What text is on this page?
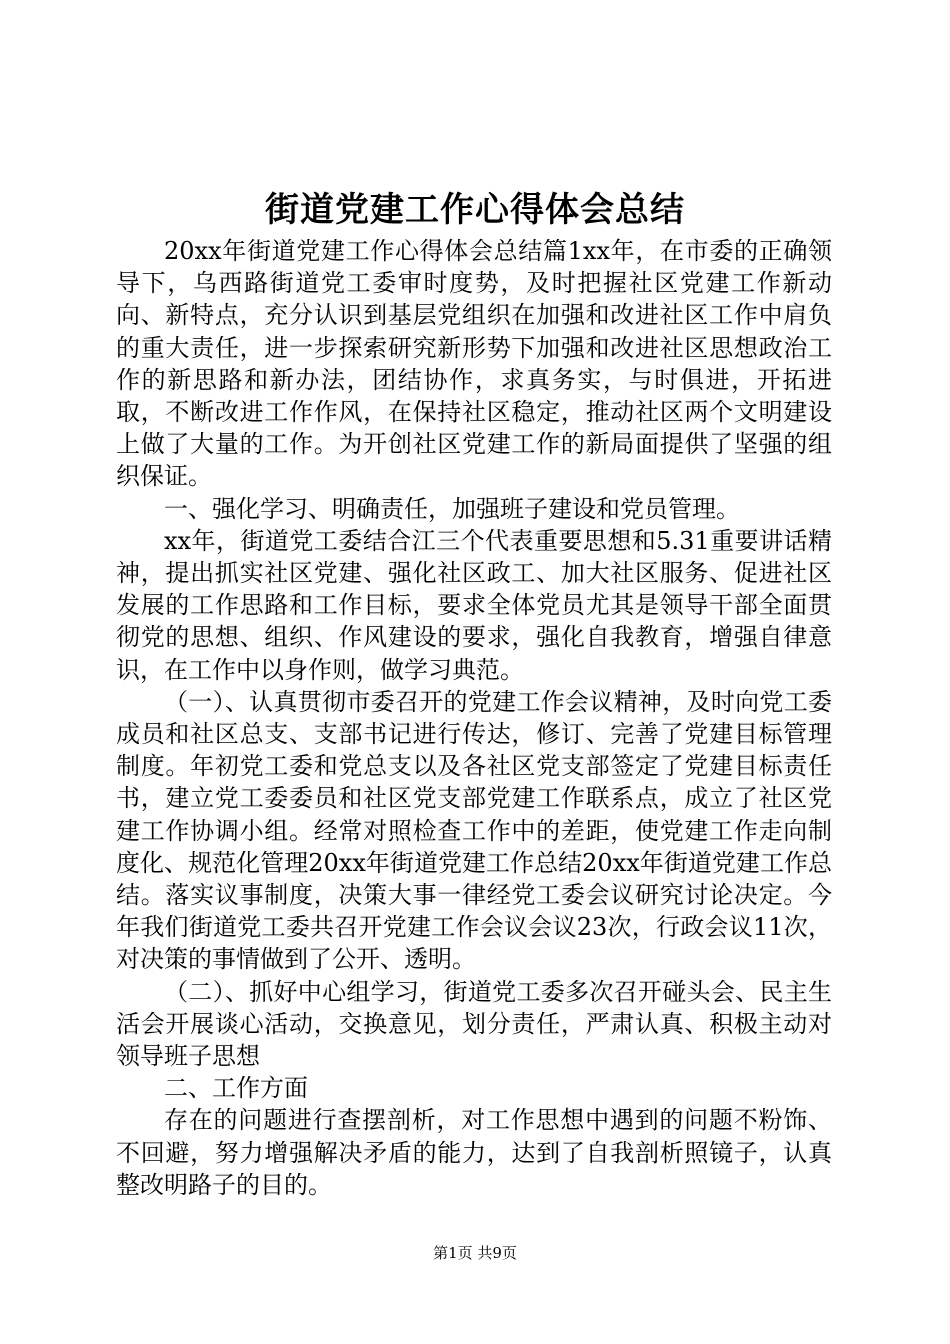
街道党建工作心得体会总结

20xx年街道党建工作心得体会总结篇1xx年，在市委的正确领导下，乌西路街道党工委审时度势，及时把握社区党建工作新动向、新特点，充分认识到基层党组织在加强和改进社区工作中肩负的重大责任，进一步探索研究新形势下加强和改进社区思想政治工作的新思路和新办法，团结协作，求真务实，与时俱进，开拓进取，不断改进工作作风，在保持社区稳定，推动社区两个文明建设上做了大量的工作。为开创社区党建工作的新局面提供了坚强的组织保证。

一、强化学习、明确责任，加强班子建设和党员管理。

xx年，街道党工委结合江三个代表重要思想和5.31重要讲话精神，提出抓实社区党建、强化社区政工、加大社区服务、促进社区发展的工作思路和工作目标，要求全体党员尤其是领导干部全面贯彻党的思想、组织、作风建设的要求，强化自我教育，增强自律意识，在工作中以身作则，做学习典范。

（一）、认真贯彻市委召开的党建工作会议精神，及时向党工委成员和社区总支、支部书记进行传达，修订、完善了党建目标管理制度。年初党工委和党总支以及各社区党支部签定了党建目标责任书，建立党工委委员和社区党支部党建工作联系点，成立了社区党建工作协调小组。经常对照检查工作中的差距，使党建工作走向制度化、规范化管理20xx年街道党建工作总结20xx年街道党建工作总结。落实议事制度，决策大事一律经党工委会议研究讨论决定。今年我们街道党工委共召开党建工作会议会议23次，行政会议11次，对决策的事情做到了公开、透明。

（二）、抓好中心组学习，街道党工委多次召开碰头会、民主生活会开展谈心活动，交换意见，划分责任，严肃认真、积极主动对领导班子思想

二、工作方面

存在的问题进行查摆剖析，对工作思想中遇到的问题不粉饰、不回避，努力增强解决矛盾的能力，达到了自我剖析照镜子，认真整改明路子的目的。

第1页 共9页
